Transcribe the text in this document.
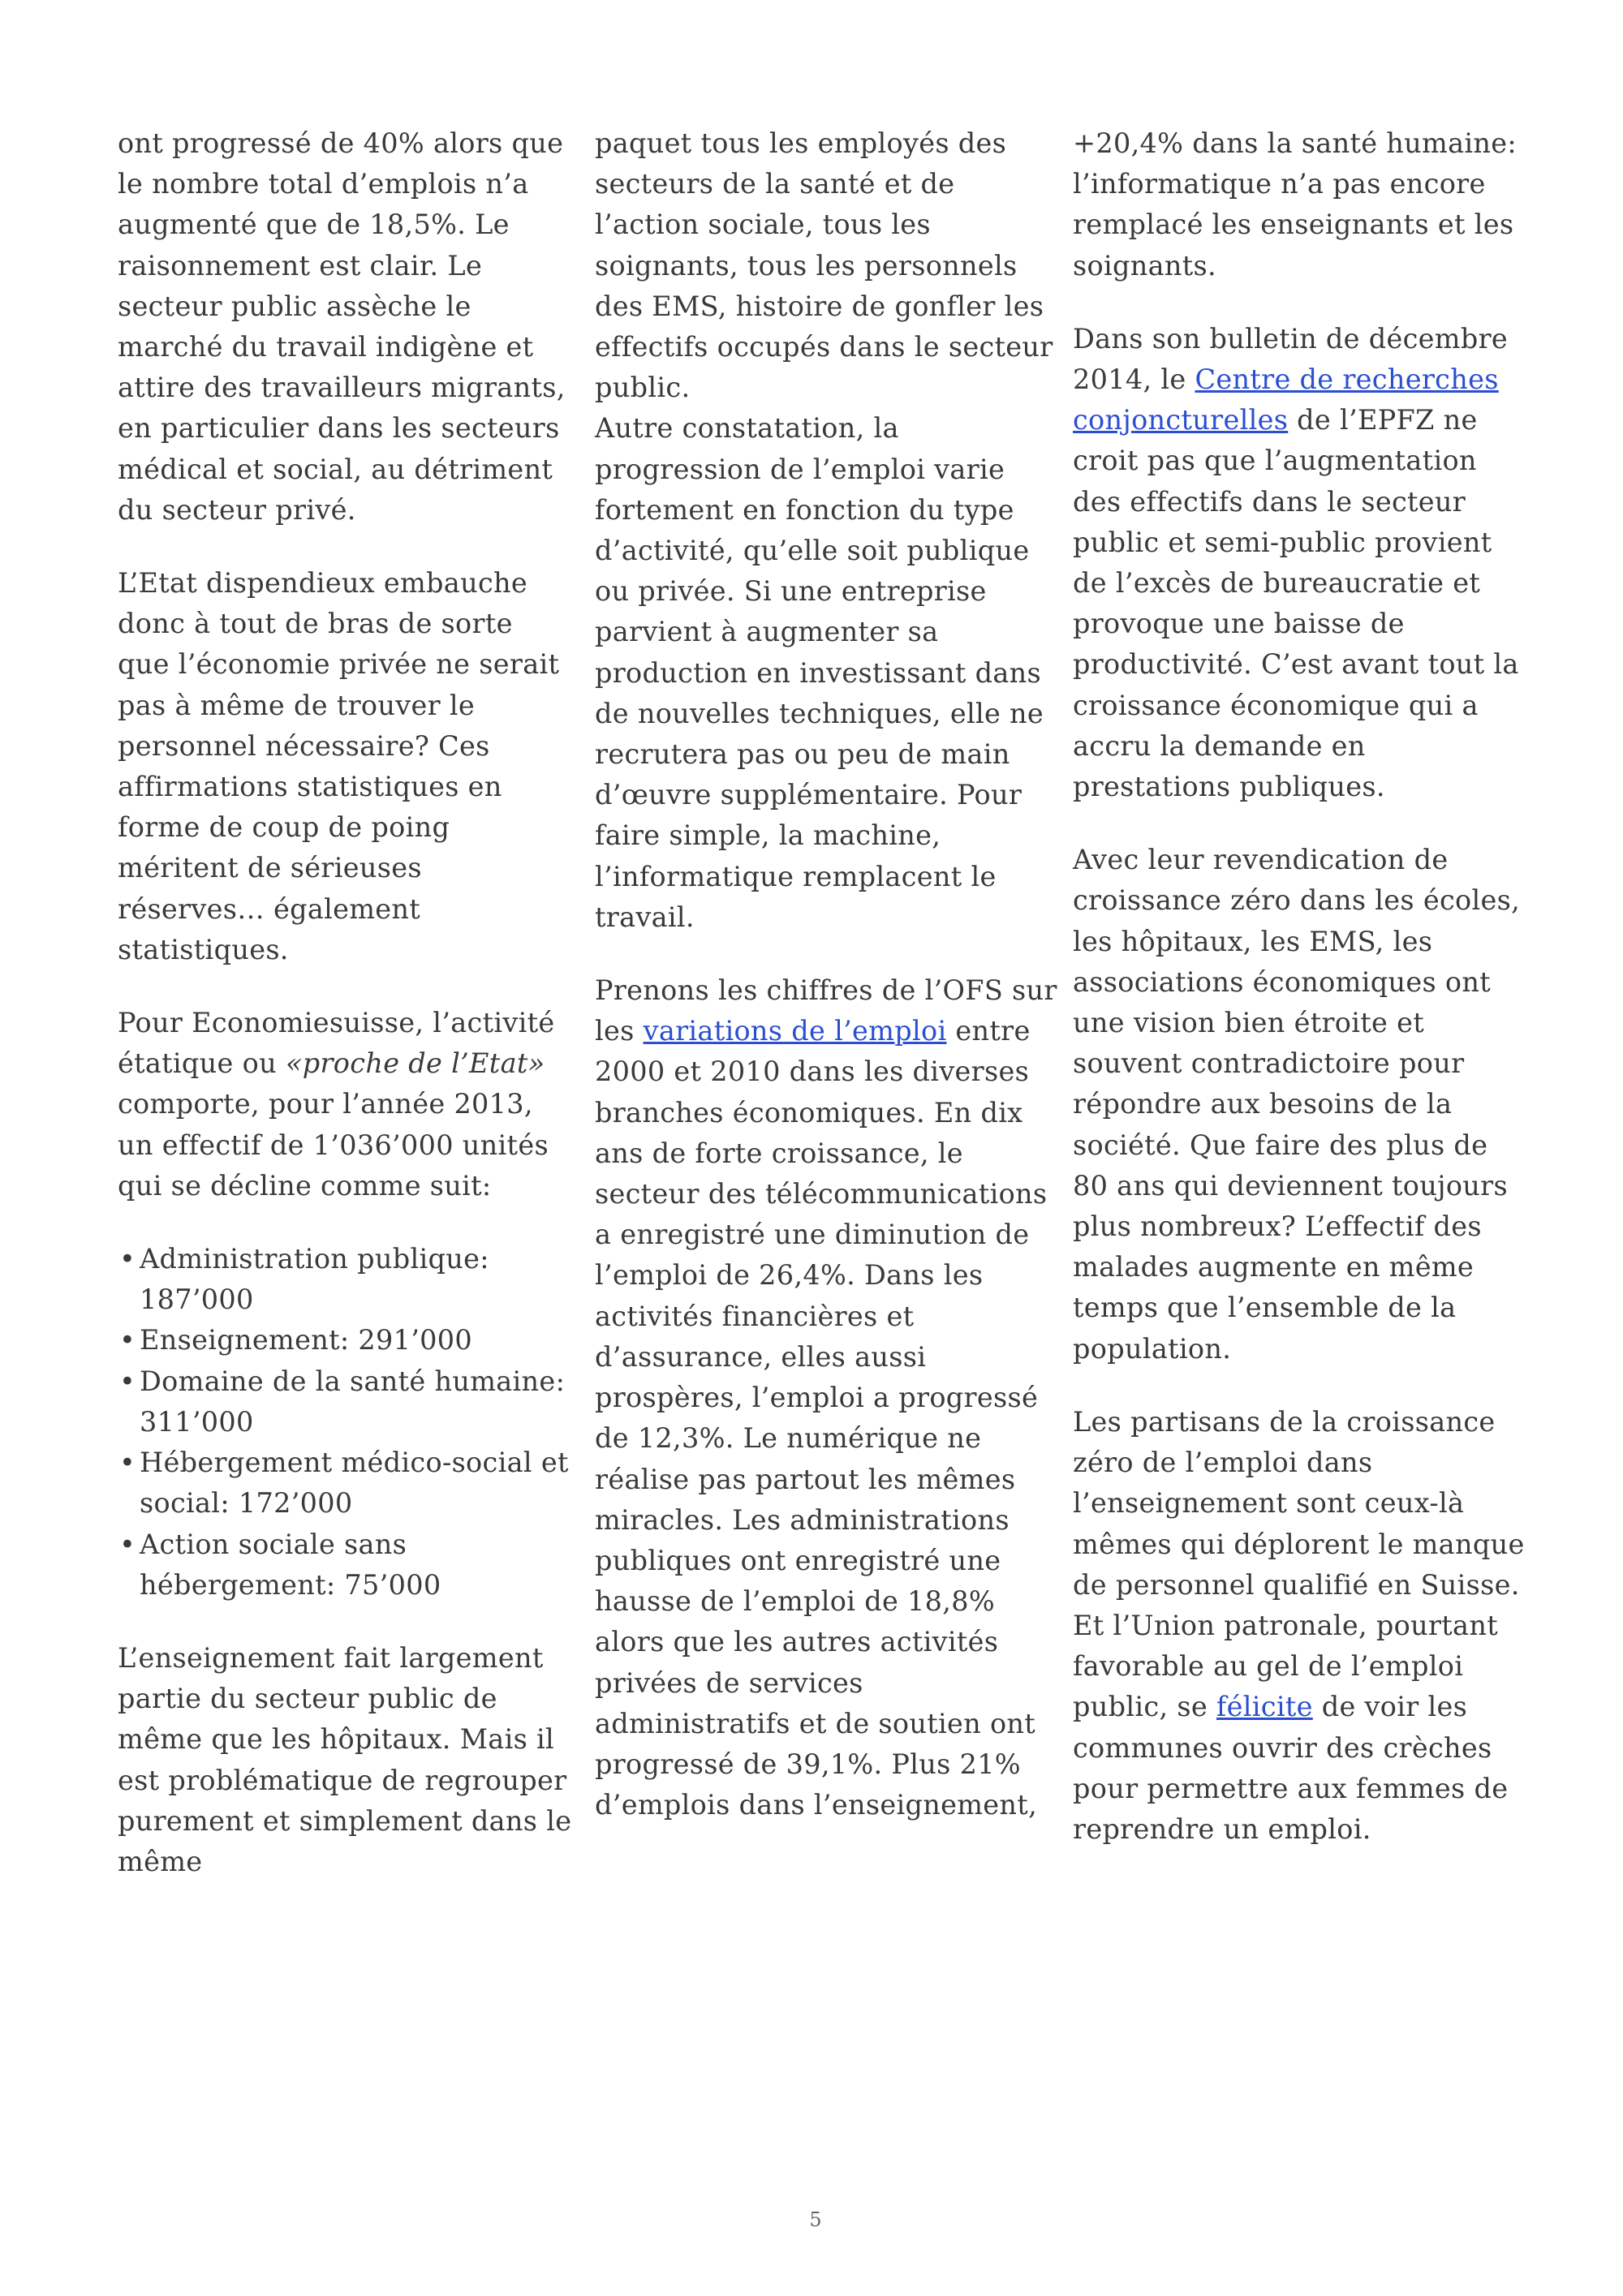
ont progressé de 40% alors que le nombre total d’emplois n’a augmenté que de 18,5%. Le raisonnement est clair. Le secteur public assèche le marché du travail indigène et attire des travailleurs migrants, en particulier dans les secteurs médical et social, au détriment du secteur privé.

L’Etat dispendieux embauche donc à tout de bras de sorte que l’économie privée ne serait pas à même de trouver le personnel nécessaire? Ces affirmations statistiques en forme de coup de poing méritent de sérieuses réserves… également statistiques.

Pour Economiesuisse, l’activité étatique ou «proche de l’Etat» comporte, pour l’année 2013, un effectif de 1’036’000 unités qui se décline comme suit:

• Administration publique: 187’000
• Enseignement: 291’000
• Domaine de la santé humaine: 311’000
• Hébergement médico-social et social: 172’000
• Action sociale sans hébergement: 75’000

L’enseignement fait largement partie du secteur public de même que les hôpitaux. Mais il est problématique de regrouper purement et simplement dans le même

paquet tous les employés des secteurs de la santé et de l’action sociale, tous les soignants, tous les personnels des EMS, histoire de gonfler les effectifs occupés dans le secteur public.

Autre constatation, la progression de l’emploi varie fortement en fonction du type d’activité, qu’elle soit publique ou privée. Si une entreprise parvient à augmenter sa production en investissant dans de nouvelles techniques, elle ne recrutera pas ou peu de main d’œuvre supplémentaire. Pour faire simple, la machine, l’informatique remplacent le travail.

Prenons les chiffres de l’OFS sur les variations de l’emploi entre 2000 et 2010 dans les diverses branches économiques. En dix ans de forte croissance, le secteur des télécommunications a enregistré une diminution de l’emploi de 26,4%. Dans les activités financières et d’assurance, elles aussi prospères, l’emploi a progressé de 12,3%. Le numérique ne réalise pas partout les mêmes miracles. Les administrations publiques ont enregistré une hausse de l’emploi de 18,8% alors que les autres activités privées de services administratifs et de soutien ont progressé de 39,1%. Plus 21% d’emplois dans l’enseignement,

+20,4% dans la santé humaine: l’informatique n’a pas encore remplacé les enseignants et les soignants.

Dans son bulletin de décembre 2014, le Centre de recherches conjoncturelles de l’EPFZ ne croit pas que l’augmentation des effectifs dans le secteur public et semi-public provient de l’excès de bureaucratie et provoque une baisse de productivité. C’est avant tout la croissance économique qui a accru la demande en prestations publiques.

Avec leur revendication de croissance zéro dans les écoles, les hôpitaux, les EMS, les associations économiques ont une vision bien étroite et souvent contradictoire pour répondre aux besoins de la société. Que faire des plus de 80 ans qui deviennent toujours plus nombreux? L’effectif des malades augmente en même temps que l’ensemble de la population.

Les partisans de la croissance zéro de l’emploi dans l’enseignement sont ceux-là mêmes qui déplorent le manque de personnel qualifié en Suisse. Et l’Union patronale, pourtant favorable au gel de l’emploi public, se félicite de voir les communes ouvrir des crèches pour permettre aux femmes de reprendre un emploi.

5
